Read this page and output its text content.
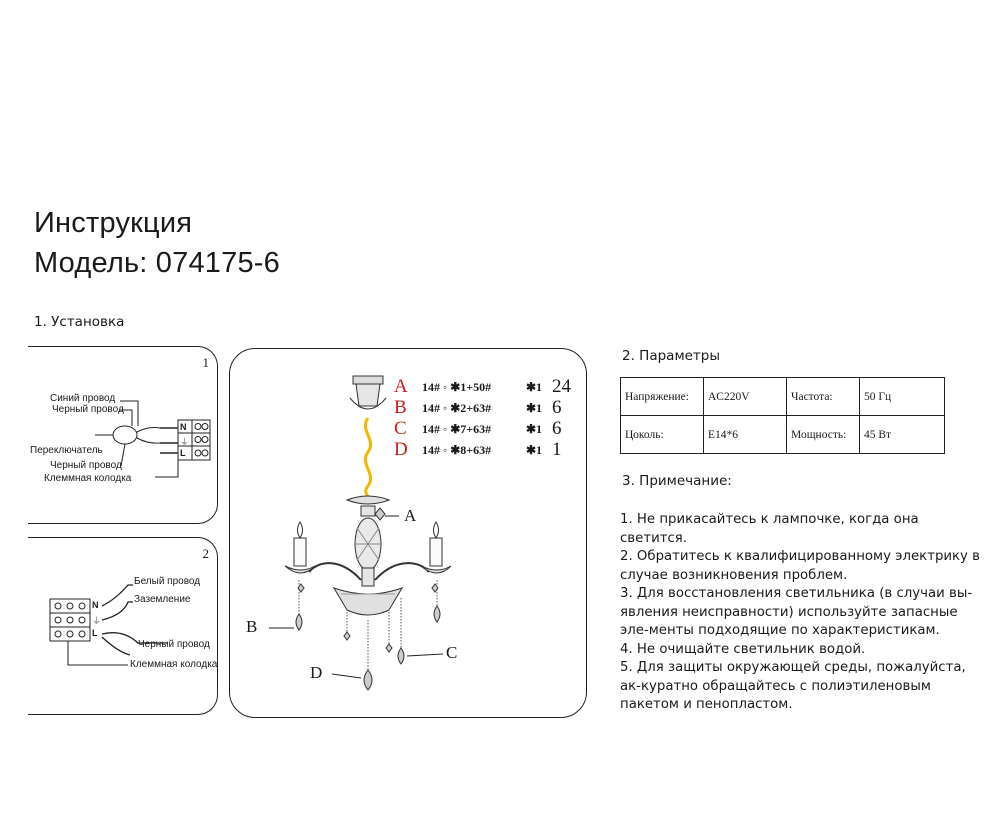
Инструкция
Модель: 074175-6
1. Установка
1
Синий провод
Черный провод
Переключатель
Черный провод
Клеммная колодка
N
⏚
L
2
Белый провод
Заземление
Черный провод
Клеммная колодка
N
⏚
L
A 14# ◦ ✱1+50#	✱1 24
B 14# ◦ ✱2+63#	✱1 6
C 14# ◦ ✱7+63#	✱1 6
D 14# ◦ ✱8+63#	✱1 1
A
B
C
D
2. Параметры
Напряжение:	AC220V	Частота:	50 Гц
Цоколь:	E14*6	Мощность:	45 Вт
3. Примечание:

1. Не прикасайтесь к лампочке, когда она светится.

2. Обратитесь к квалифицированному электрику в случае возникновения проблем.

3. Для восстановления светильника (в случаи вы-явления неисправности) используйте запасные эле-менты подходящие по характеристикам.

4. Не очищайте светильник водой.

5. Для защиты окружающей среды, пожалуйста, ак-куратно обращайтесь с полиэтиленовым пакетом и пенопластом.
